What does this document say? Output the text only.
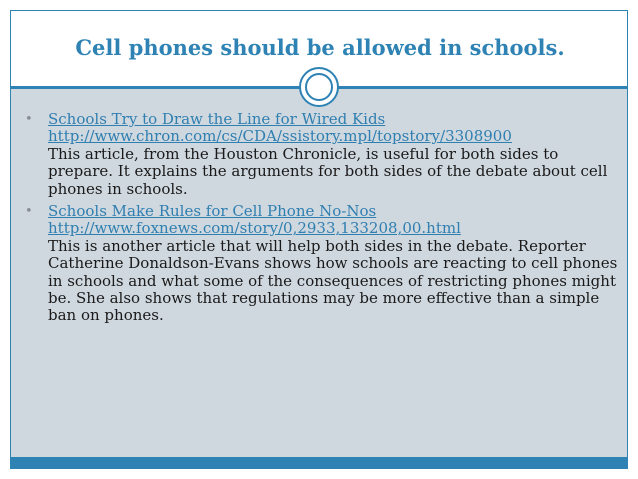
Cell phones should be allowed in schools.
• Schools Try to Draw the Line for Wired Kids
http://www.chron.com/cs/CDA/ssistory.mpl/topstory/3308900
This article, from the Houston Chronicle, is useful for both sides to prepare. It explains the arguments for both sides of the debate about cell phones in schools.
• Schools Make Rules for Cell Phone No-Nos
http://www.foxnews.com/story/0,2933,133208,00.html
This is another article that will help both sides in the debate. Reporter Catherine Donaldson-Evans shows how schools are reacting to cell phones in schools and what some of the consequences of restricting phones might be. She also shows that regulations may be more effective than a simple ban on phones.
